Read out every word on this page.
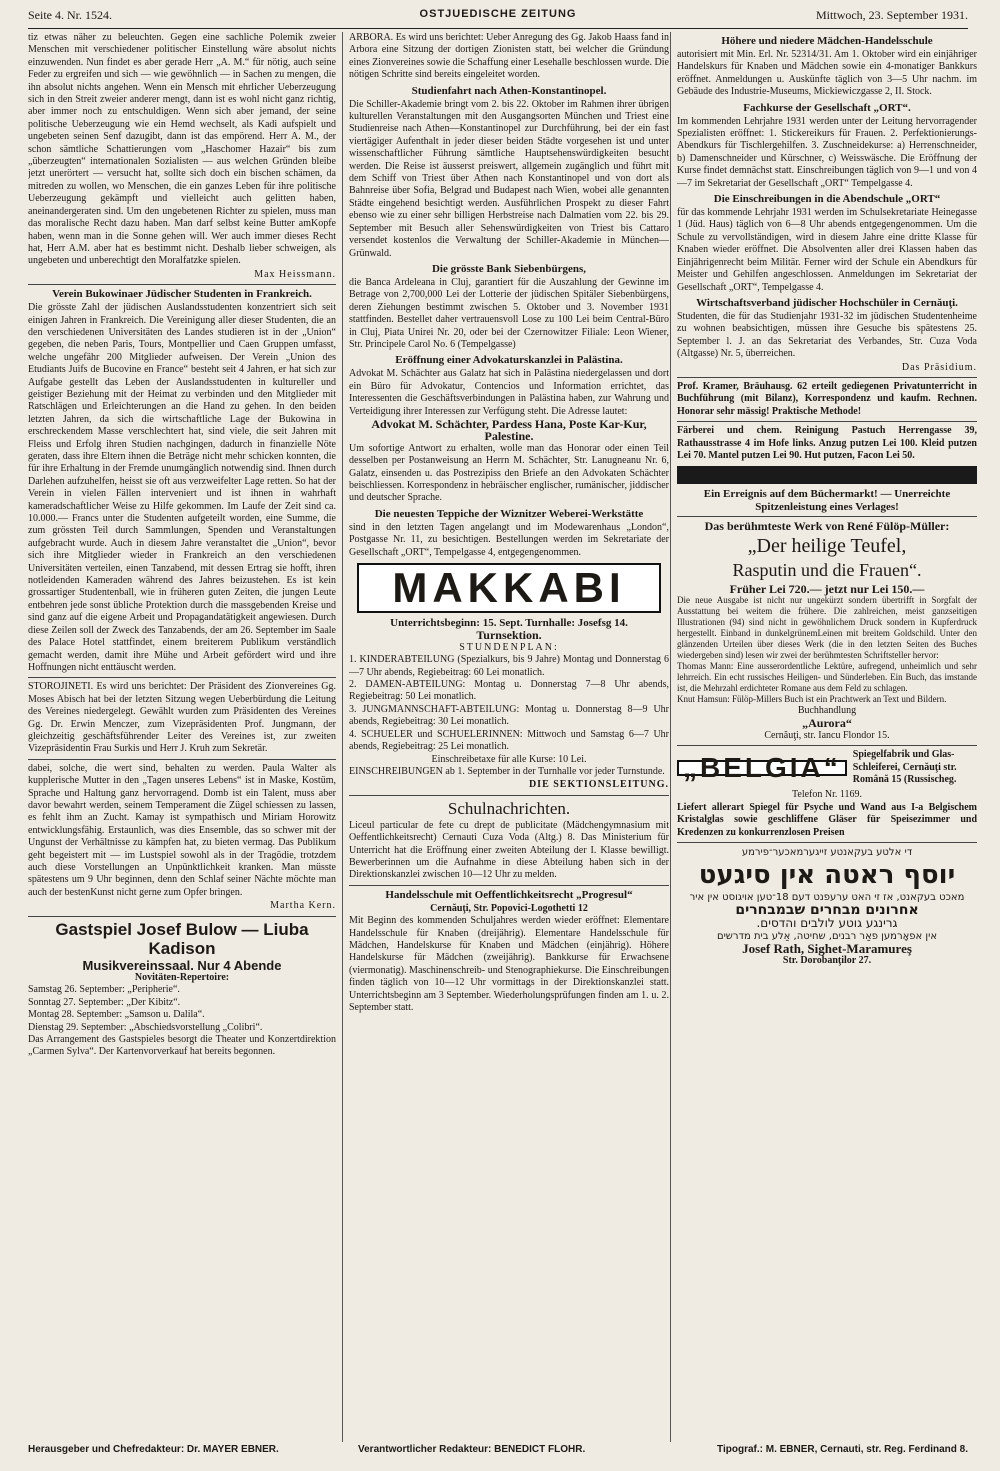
Seite 4. Nr. 1524.	OSTJUEDISCHE ZEITUNG	Mittwoch, 23. September 1931.

tiz etwas näher zu beleuchten. Gegen eine sachliche Polemik zweier Menschen mit verschiedener politischer Einstellung wäre absolut nichts einzuwenden. Nun findet es aber gerade Herr „A. M.“ für nötig, auch seine Feder zu ergreifen und sich — wie gewöhnlich — in Sachen zu mengen, die ihn absolut nichts angehen. Wenn ein Mensch mit ehrlicher Ueberzeugung sich in den Streit zweier anderer mengt, dann ist es wohl nicht ganz richtig, aber immer noch zu entschuldigen. Wenn sich aber jemand, der seine politische Ueberzeugung wie ein Hemd wechselt, als Kadi aufspielt und ungebeten seinen Senf dazugibt, dann ist das empörend. Herr A. M., der schon sämtliche Schattierungen vom „Haschomer Hazair“ bis zum „überzeugten“ internationalen Sozialisten — aus welchen Gründen bleibe jetzt unerörtert — versucht hat, sollte sich doch ein bischen schämen, da mitreden zu wollen, wo Menschen, die ein ganzes Leben für ihre politische Ueberzeugung gekämpft und vielleicht auch gelitten haben, aneinandergeraten sind. Um den ungebetenen Richter zu spielen, muss man das moralische Recht dazu haben. Man darf selbst keine Butter amKopfe haben, wenn man in die Sonne gehen will. Wer auch immer dieses Recht hat, Herr A.M. aber hat es bestimmt nicht. Deshalb lieber schweigen, als ungebeten und unberechtigt den Moralfatzke spielen.

Max Heissmann.
Verein Bukowinaer Jüdischer Studenten in Frankreich.

Die grösste Zahl der jüdischen Auslandsstudenten konzentriert sich seit einigen Jahren in Frankreich. Die Vereinigung aller dieser Studenten, die an den verschiedenen Universitäten des Landes studieren ist in der „Union“ gegeben, die neben Paris, Tours, Montpellier und Caen Gruppen umfasst, welche ungefähr 200 Mitglieder aufweisen. Der Verein „Union des Etudiants Juifs de Bucovine en France“ besteht seit 4 Jahren, er hat sich zur Aufgabe gestellt das Leben der Auslandsstudenten in kultureller und geistiger Beziehung mit der Heimat zu verbinden und den Mitglieder mit Ratschlägen und Erleichterungen an die Hand zu gehen. In den beiden letzten Jahren, da sich die wirtschaftliche Lage der Bukowina in erschreckendem Masse verschlechtert hat, sind viele, die seit Jahren mit Fleiss und Erfolg ihren Studien nachgingen, dadurch in finanzielle Nöte geraten, dass ihre Eltern ihnen die Beträge nicht mehr schicken konnten, die für ihre Erhaltung in der Fremde unumgänglich notwendig sind. Ihnen durch Darlehen aufzuhelfen, heisst sie oft aus verzweifelter Lage retten. So hat der Verein in vielen Fällen interveniert und ist ihnen in wahrhaft kameradschaftlicher Weise zu Hilfe gekommen. Im Laufe der Zeit sind ca. 10.000.— Francs unter die Studenten aufgeteilt worden, eine Summe, die zum grössten Teil durch Sammlungen, Spenden und Veranstaltungen aufgebracht wurde. Auch in diesem Jahre veranstaltet die „Union“, bevor sich ihre Mitglieder wieder in Frankreich an den verschiedenen Universitäten verteilen, einen Tanzabend, mit dessen Ertrag sie hofft, ihren notleidenden Kameraden während des Jahres beizustehen. Es ist kein grossartiger Studentenball, wie in früheren guten Zeiten, die jungen Leute entbehren jede sonst übliche Protektion durch die massgebenden Kreise und sind ganz auf die eigene Arbeit und Propagandatätigkeit angewiesen. Durch diese Zeilen soll der Zweck des Tanzabends, der am 26. September im Saale des Palace Hotel stattfindet, einem breiterem Publikum verständlich gemacht werden, damit ihre Mühe und Arbeit gefördert wird und ihre Hoffnungen nicht enttäuscht werden.

STOROJINETI. Es wird uns berichtet: Der Präsident des Zionvereines Gg. Moses Abisch hat bei der letzten Sitzung wegen Ueberbürdung die Leitung des Vereines niedergelegt. Gewählt wurden zum Präsidenten des Vereines Gg. Dr. Erwin Menczer, zum Vizepräsidenten Prof. Jungmann, der gleichzeitig geschäftsführender Leiter des Vereines ist, zur zweiten Vizepräsidentin Frau Surkis und Herr J. Kruh zum Sekretär.

dabei, solche, die wert sind, behalten zu werden. Paula Walter als kupplerische Mutter in den „Tagen unseres Lebens“ ist in Maske, Kostüm, Sprache und Haltung ganz hervorragend. Domb ist ein Talent, muss aber davor bewahrt werden, seinem Temperament die Zügel schiessen zu lassen, es fehlt ihm an Zucht. Kamay ist sympathisch und Miriam Horowitz entwicklungsfähig. Erstaunlich, was dies Ensemble, das so schwer mit der Ungunst der Verhältnisse zu kämpfen hat, zu bieten vermag. Das Publikum geht begeistert mit — im Lustspiel sowohl als in der Tragödie, trotzdem auch diese Vorstellungen an Unpünktlichkeit kranken. Man müsste spätestens um 9 Uhr beginnen, denn den Schlaf seiner Nächte möchte man auch der bestenKunst nicht gerne zum Opfer bringen.

Martha Kern.
Gastspiel Josef Bulow — Liuba Kadison
Musikvereinssaal. Nur 4 Abende
Novitäten-Repertoire:
Samstag 26. September: „Peripherie“.
Sonntag 27. September: „Der Kibitz“.
Montag 28. September: „Samson u. Dalila“.
Dienstag 29. September: „Abschiedsvorstellung „Colibri“.

Das Arrangement des Gastspieles besorgt die Theater und Konzertdirektion „Carmen Sylva“. Der Kartenvorverkauf hat bereits begonnen.

ARBORA. Es wird uns berichtet: Ueber Anregung des Gg. Jakob Haass fand in Arbora eine Sitzung der dortigen Zionisten statt, bei welcher die Gründung eines Zionvereines sowie die Schaffung einer Lesehalle beschlossen wurde. Die nötigen Schritte sind bereits eingeleitet worden.

Studienfahrt nach Athen-Konstantinopel.

Die Schiller-Akademie bringt vom 2. bis 22. Oktober im Rahmen ihrer übrigen kulturellen Veranstaltungen mit den Ausgangsorten München und Triest eine Studienreise nach Athen—Konstantinopel zur Durchführung, bei der ein fast viertägiger Aufenthalt in jeder dieser beiden Städte vorgesehen ist und unter wissenschaftlicher Führung sämtliche Hauptsehenswürdigkeiten besucht werden. Die Reise ist äusserst preiswert, allgemein zugänglich und führt mit dem Schiff von Triest über Athen nach Konstantinopel und von dort als Bahnreise über Sofia, Belgrad und Budapest nach Wien, wobei alle genannten Städte eingehend besichtigt werden. Ausführlichen Prospekt zu dieser Fahrt ebenso wie zu einer sehr billigen Herbstreise nach Dalmatien vom 22. bis 29. September mit Besuch aller Sehenswürdigkeiten von Triest bis Cattaro versendet kostenlos die Verwaltung der Schiller-Akademie in München—Grünwald.

Die grösste Bank Siebenbürgens,

die Banca Ardeleana in Cluj, garantiert für die Auszahlung der Gewinne im Betrage von 2,700,000 Lei der Lotterie der jüdischen Spitäler Siebenbürgens, deren Ziehungen bestimmt zwischen 5. Oktober und 3. November 1931 stattfinden. Bestellet daher vertrauensvoll Lose zu 100 Lei beim Central-Büro in Cluj, Piata Unirei Nr. 20, oder bei der Czernowitzer Filiale: Leon Wiener, Str. Principele Carol No. 6 (Tempelgasse)

Eröffnung einer Advokaturskanzlei in Palästina.

Advokat M. Schächter aus Galatz hat sich in Palästina niedergelassen und dort ein Büro für Advokatur, Contencios und Information errichtet, das Interessenten die Geschäftsverbindungen in Palästina haben, zur Wahrung und Verteidigung ihrer Interessen zur Verfügung steht. Die Adresse lautet:

Advokat M. Schächter, Pardess Hana, Poste Kar-Kur, Palestine.

Um sofortige Antwort zu erhalten, wolle man das Honorar oder einen Teil desselben per Postanweisung an Herrn M. Schächter, Str. Lanugneanu Nr. 6, Galatz, einsenden u. das Postrezipiss den Briefe an den Advokaten Schächter beischliessen. Korrespondenz in hebräischer englischer, rumänischer, jiddischer und deutscher Sprache.

Die neuesten Teppiche der Wiznitzer Weberei-Werkstätte

sind in den letzten Tagen angelangt und im Modewarenhaus „London“, Postgasse Nr. 11, zu besichtigen. Bestellungen werden im Sekretariate der Gesellschaft „ORT“, Tempelgasse 4, entgegengenommen.

MAKKABI
Unterrichtsbeginn: 15. Sept. Turnhalle: Josefsg 14.
Turnsektion.
STUNDENPLAN:

1. KINDERABTEILUNG (Spezialkurs, bis 9 Jahre) Montag und Donnerstag 6—7 Uhr abends, Regiebeitrag: 60 Lei monatlich.

2. DAMEN-ABTEILUNG: Montag u. Donnerstag 7—8 Uhr abends, Regiebeitrag: 50 Lei monatlich.

3. JUNGMANNSCHAFT-ABTEILUNG: Montag u. Donnerstag 8—9 Uhr abends, Regiebeitrag: 30 Lei monatlich.

4. SCHUELER und SCHUELERINNEN: Mittwoch und Samstag 6—7 Uhr abends, Regiebeitrag: 25 Lei monatlich.

Einschreibetaxe für alle Kurse: 10 Lei.

EINSCHREIBUNGEN ab 1. September in der Turnhalle vor jeder Turnstunde.

DIE SEKTIONSLEITUNG.
Schulnachrichten.

Liceul particular de fete cu drept de publicitate (Mädchengymnasium mit Oeffentlichkeitsrecht) Cernauti Cuza Voda (Altg.) 8. Das Ministerium für Unterricht hat die Eröffnung einer zweiten Abteilung der I. Klasse bewilligt. Bewerberinnen um die Aufnahme in diese Abteilung haben sich in der Direktionskanzlei zwischen 10—12 Uhr zu melden.

Handelsschule mit Oeffentlichkeitsrecht „Progresul“
Cernăuţi, Str. Popovici-Logothetti 12

Mit Beginn des kommenden Schuljahres werden wieder eröffnet: Elementare Handelsschule für Knaben (dreijährig). Elementare Handelsschule für Mädchen, Handelskurse für Knaben und Mädchen (einjährig). Höhere Handelskurse für Mädchen (zweijährig). Bankkurse für Erwachsene (viermonatig). Maschinenschreib- und Stenographiekurse. Die Einschreibungen finden täglich von 10—12 Uhr vormittags in der Direktionskanzlei statt. Unterrichtsbeginn am 3 September. Wiederholungsprüfungen finden am 1. u. 2. September statt.

Höhere und niedere Mädchen-Handelsschule

autorisiert mit Min. Erl. Nr. 52314/31. Am 1. Oktober wird ein einjähriger Handelskurs für Knaben und Mädchen sowie ein 4-monatiger Bankkurs eröffnet. Anmeldungen u. Auskünfte täglich von 3—5 Uhr nachm. im Gebäude des Industrie-Museums, Mickiewiczgasse 2, II. Stock.

Fachkurse der Gesellschaft „ORT“.

Im kommenden Lehrjahre 1931 werden unter der Leitung hervorragender Spezialisten eröffnet: 1. Stickereikurs für Frauen. 2. Perfektionierungs-Abendkurs für Tischlergehilfen. 3. Zuschneidekurse: a) Herrenschneider, b) Damenschneider und Kürschner, c) Weisswäsche. Die Eröffnung der Kurse findet demnächst statt. Einschreibungen täglich von 9—1 und von 4—7 im Sekretariat der Gesellschaft „ORT“ Tempelgasse 4.

Die Einschreibungen in die Abendschule „ORT“

für das kommende Lehrjahr 1931 werden im Schulsekretariate Heinegasse 1 (Jüd. Haus) täglich von 6—8 Uhr abends entgegengenommen. Um die Schule zu vervollständigen, wird in diesem Jahre eine dritte Klasse für Knaben wieder eröffnet. Die Absolventen aller drei Klassen haben das Einjährigenrecht beim Militär. Ferner wird der Schule ein Abendkurs für Meister und Gehilfen angeschlossen. Anmeldungen im Sekretariat der Gesellschaft „ORT“, Tempelgasse 4.

Wirtschaftsverband jüdischer Hochschüler in Cernăuţi.

Studenten, die für das Studienjahr 1931-32 im jüdischen Studentenheime zu wohnen beabsichtigen, müssen ihre Gesuche bis spätestens 25. September l. J. an das Sekretariat des Verbandes, Str. Cuza Voda (Altgasse) Nr. 5, überreichen.

Das Präsidium.

Prof. Kramer, Bräuhausg. 62 erteilt gediegenen Privatunterricht in Buchführung (mit Bilanz), Korrespondenz und kaufm. Rechnen. Honorar sehr mässig! Praktische Methode!

Färberei und chem. Reinigung Pastuch Herrengasse 39, Rathausstrasse 4 im Hofe links. Anzug putzen Lei 100. Kleid putzen Lei 70. Mantel putzen Lei 90. Hut putzen, Facon Lei 50.

Ein Erreignis auf dem Büchermarkt! — Unerreichte Spitzenleistung eines Verlages!
Das berühmteste Werk von René Fülöp-Müller:
„Der heilige Teufel,
Rasputin und die Frauen“.
Früher Lei 720.— jetzt nur Lei 150.—

Die neue Ausgabe ist nicht nur ungekürzt sondern übertrifft in Sorgfalt der Ausstattung bei weitem die frühere. Die zahlreichen, meist ganzseitigen Illustrationen (94) sind nicht in gewöhnlichem Druck sondern in Kupferdruck hergestellt. Einband in dunkelgrünemLeinen mit breitem Goldschild. Unter den glänzenden Urteilen über dieses Werk (die in den letzten Seiten des Buches wiedergeben sind) lesen wir zwei der berühmtesten Schriftsteller hervor:

Thomas Mann: Eine ausserordentliche Lektüre, aufregend, unheimlich und sehr lehrreich. Ein echt russisches Heiligen- und Sünderleben. Ein Buch, das imstande ist, die Mehrzahl erdichteter Romane aus dem Feld zu schlagen.

Knut Hamsun: Fülöp-Millers Buch ist ein Prachtwerk an Text und Bildern.

Buchhandlung
„Aurora“
Cernăuţi, str. Iancu Flondor 15.
„BELGIA“	Spiegelfabrik und Glas-Schleiferei, Cernăuţi str. Română 15 (Russischeg.
Telefon Nr. 1169.

Liefert allerart Spiegel für Psyche und Wand aus I-a Belgischem Kristalglas sowie geschliffene Gläser für Speisezimmer und Kredenzen zu konkurrenzlosen Preisen

די אלטע בעקאנטע זייגערמאכער־פירמע
יוסף ראטה אין סיגעט
מאכט בעקאנט, אז זי האט ערעפנט דעם 18־טען אויגוסט אין איר
אחרונים מבחרים שבמבחרים
גרינגע גוטע לולבים והדסים.
אין אפאָרמען פאַר רבנים, שחיטה, אַלע בית מדרשים
Josef Rath, Sighet-Maramureş
Str. Dorobanţilor 27.
Herausgeber und Chefredakteur: Dr. MAYER EBNER.	Verantwortlicher Redakteur: BENEDICT FLOHR.	Tipograf.: M. EBNER, Cernauti, str. Reg. Ferdinand 8.
